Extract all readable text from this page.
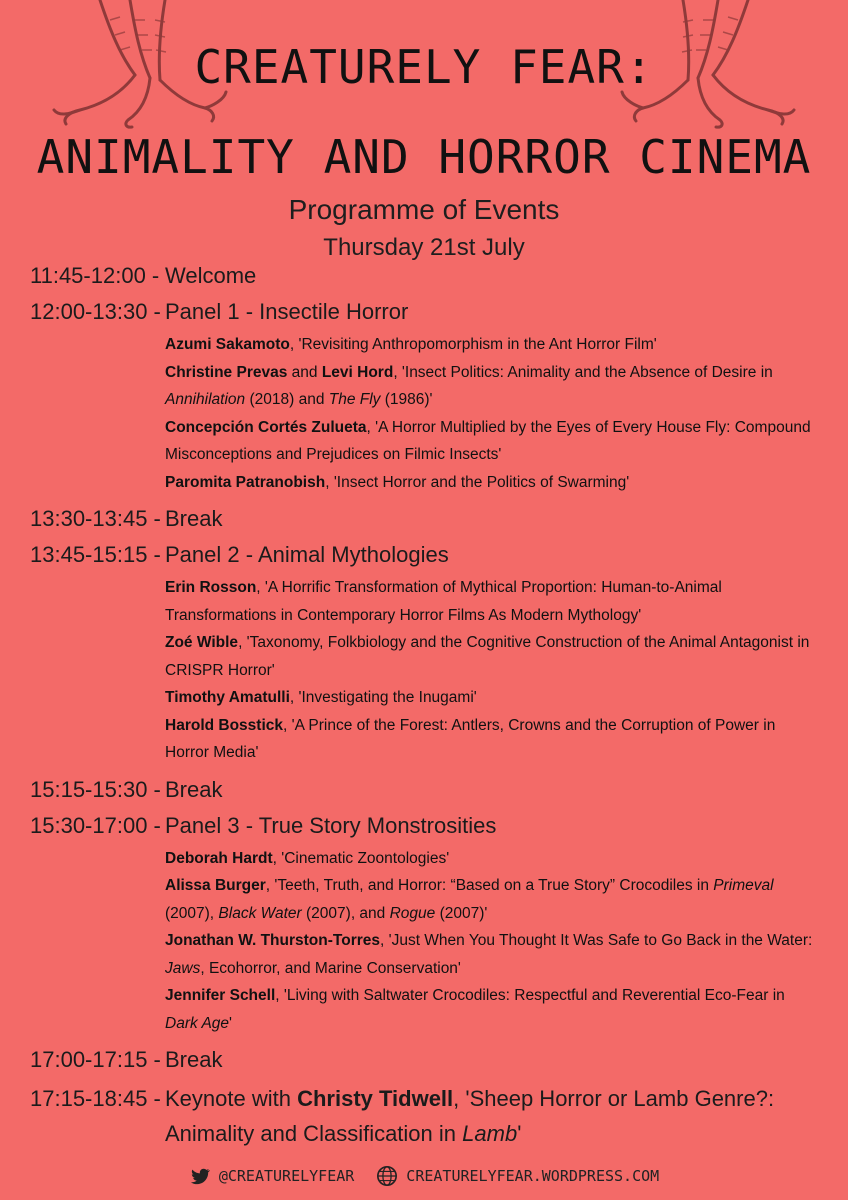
CREATURELY FEAR:
ANIMALITY AND HORROR CINEMA
Programme of Events
Thursday 21st July
11:45-12:00 - Welcome
12:00-13:30 - Panel 1 - Insectile Horror
Azumi Sakamoto, 'Revisiting Anthropomorphism in the Ant Horror Film'
Christine Prevas and Levi Hord, 'Insect Politics: Animality and the Absence of Desire in Annihilation (2018) and The Fly (1986)'
Concepción Cortés Zulueta, 'A Horror Multiplied by the Eyes of Every House Fly: Compound Misconceptions and Prejudices on Filmic Insects'
Paromita Patranobish, 'Insect Horror and the Politics of Swarming'
13:30-13:45 - Break
13:45-15:15 - Panel 2 - Animal Mythologies
Erin Rosson, 'A Horrific Transformation of Mythical Proportion: Human-to-Animal Transformations in Contemporary Horror Films As Modern Mythology'
Zoé Wible, 'Taxonomy, Folkbiology and the Cognitive Construction of the Animal Antagonist in CRISPR Horror'
Timothy Amatulli, 'Investigating the Inugami'
Harold Bosstick, 'A Prince of the Forest: Antlers, Crowns and the Corruption of Power in Horror Media'
15:15-15:30 - Break
15:30-17:00 - Panel 3 - True Story Monstrosities
Deborah Hardt, 'Cinematic Zoontologies'
Alissa Burger, 'Teeth, Truth, and Horror: “Based on a True Story” Crocodiles in Primeval (2007), Black Water (2007), and Rogue (2007)'
Jonathan W. Thurston-Torres, 'Just When You Thought It Was Safe to Go Back in the Water: Jaws, Ecohorror, and Marine Conservation'
Jennifer Schell, 'Living with Saltwater Crocodiles: Respectful and Reverential Eco-Fear in Dark Age'
17:00-17:15 - Break
17:15-18:45 - Keynote with Christy Tidwell, 'Sheep Horror or Lamb Genre?: Animality and Classification in Lamb'
@CREATURELYFEAR	CREATURELYFEAR.WORDPRESS.COM
